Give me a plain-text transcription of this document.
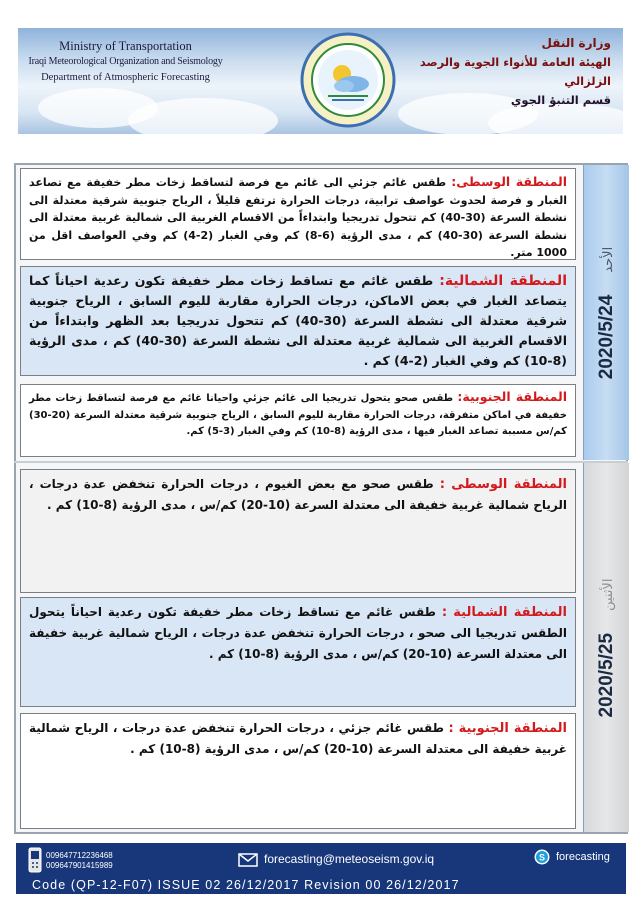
Ministry of Transportation
Iraqi Meteorological Organization and Seismology
Department of Atmospheric Forecasting
وزارة النقل
الهيئة العامة للأنواء الجوية والرصد الزلزالي
قسم التنبؤ الجوي
2020/5/24الأحد
2020/5/25الأثنين
المنطقة الوسطى: طقس غائم جزئي الى غائم مع فرصة لتساقط زخات مطر خفيفة مع تصاعد الغبار و فرصة لحدوث عواصف ترابية، درجات الحرارة ترتفع قليلاً ، الرياح جنوبية شرقية معتدلة الى نشطة السرعة (30-40) كم تتحول تدريجيا وابتداءاً من الاقسام الغربية الى شمالية غربية معتدلة الى نشطة السرعة (30-40) كم ، مدى الرؤية (6-8) كم وفي الغبار (2-4) كم وفي العواصف اقل من 1000 متر.
المنطقة الشمالية: طقس غائم مع تساقط زخات مطر خفيفة تكون رعدية احياناً كما يتصاعد الغبار في بعض الاماكن، درجات الحرارة مقاربة لليوم السابق ، الرياح جنوبية شرقية معتدلة الى نشطة السرعة (30-40) كم تتحول تدريجيا بعد الظهر وابتداءاً من الاقسام الغربية الى شمالية غربية معتدلة الى نشطة السرعة (30-40) كم ، مدى الرؤية (8-10) كم وفي الغبار (2-4) كم .
المنطقة الجنوبية: طقس صحو يتحول تدريجيا الى غائم جزئي واحيانا غائم مع فرصة لتساقط زخات مطر خفيفة في اماكن متفرقة، درجات الحرارة مقاربة لليوم السابق ، الرياح جنوبية شرقية معتدلة السرعة (20-30) كم/س مسببة تصاعد الغبار فيها ، مدى الرؤية (8-10) كم وفي الغبار (3-5) كم.
المنطقة الوسطى : طقس صحو مع بعض الغيوم ، درجات الحرارة تنخفض عدة درجات ، الرياح شمالية غربية خفيفة الى معتدلة السرعة (10-20) كم/س ، مدى الرؤية (8-10) كم .
المنطقة الشمالية : طقس غائم مع تساقط زخات مطر خفيفة تكون رعدية احياناً يتحول الطقس تدريجيا الى صحو ، درجات الحرارة تنخفض عدة درجات ، الرياح شمالية غربية خفيفة الى معتدلة السرعة (10-20) كم/س ، مدى الرؤية (8-10) كم .
المنطقة الجنوبية : طقس غائم جزئي ، درجات الحرارة تنخفض عدة درجات ، الرياح شمالية غربية خفيفة الى معتدلة السرعة (10-20) كم/س ، مدى الرؤية (8-10) كم .
009647712236468
009647901415989	forecasting@meteoseism.gov.iq	S forecasting
Code (QP-12-F07) ISSUE 02 26/12/2017 Revision 00 26/12/2017
